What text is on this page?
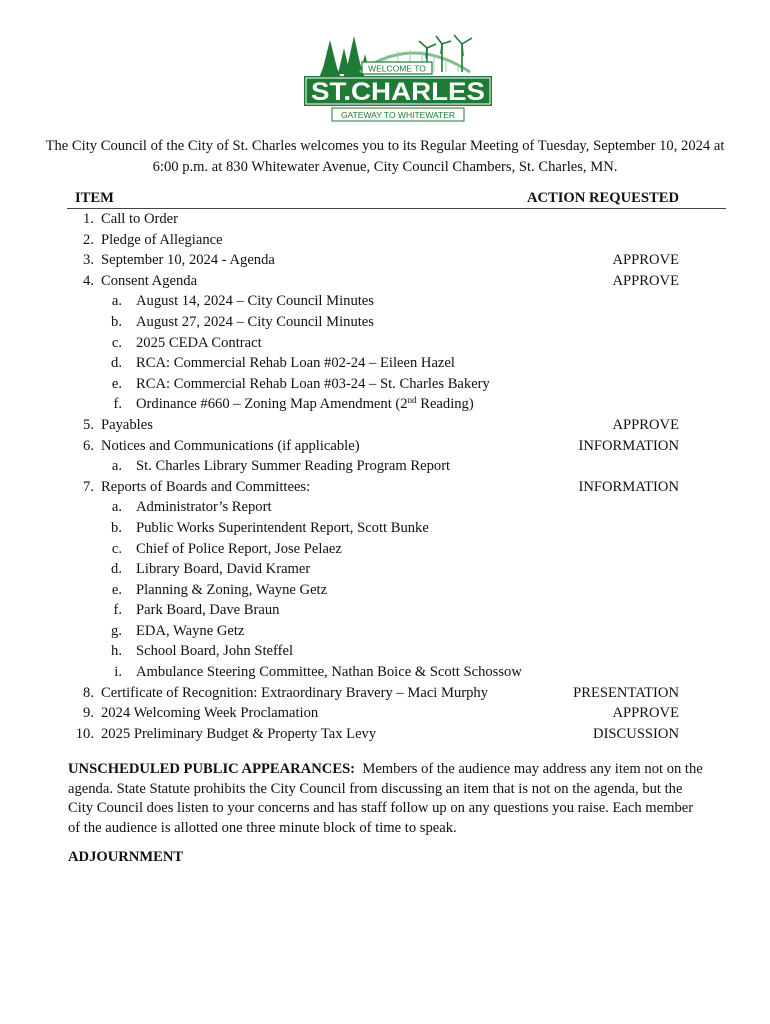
WELCOME TO
ST.CHARLES
GATEWAY TO WHITEWATER
The City Council of the City of St. Charles welcomes you to its Regular Meeting of Tuesday, September 10, 2024 at 6:00 p.m. at 830 Whitewater Avenue, City Council Chambers, St. Charles, MN.
ITEM	ACTION REQUESTED
1. Call to Order
2. Pledge of Allegiance
3. September 10, 2024 - Agenda	APPROVE
4. Consent Agenda	APPROVE
a. August 14, 2024 – City Council Minutes
b. August 27, 2024 – City Council Minutes
c. 2025 CEDA Contract
d. RCA: Commercial Rehab Loan #02-24 – Eileen Hazel
e. RCA: Commercial Rehab Loan #03-24 – St. Charles Bakery
f. Ordinance #660 – Zoning Map Amendment (2nd Reading)
5. Payables	APPROVE
6. Notices and Communications (if applicable)	INFORMATION
a. St. Charles Library Summer Reading Program Report
7. Reports of Boards and Committees:	INFORMATION
a. Administrator’s Report
b. Public Works Superintendent Report, Scott Bunke
c. Chief of Police Report, Jose Pelaez
d. Library Board, David Kramer
e. Planning & Zoning, Wayne Getz
f. Park Board, Dave Braun
g. EDA, Wayne Getz
h. School Board, John Steffel
i. Ambulance Steering Committee, Nathan Boice & Scott Schossow
8. Certificate of Recognition: Extraordinary Bravery – Maci Murphy	PRESENTATION
9. 2024 Welcoming Week Proclamation	APPROVE
10. 2025 Preliminary Budget & Property Tax Levy	DISCUSSION
UNSCHEDULED PUBLIC APPEARANCES: Members of the audience may address any item not on the agenda. State Statute prohibits the City Council from discussing an item that is not on the agenda, but the City Council does listen to your concerns and has staff follow up on any questions you raise. Each member of the audience is allotted one three minute block of time to speak.
ADJOURNMENT
